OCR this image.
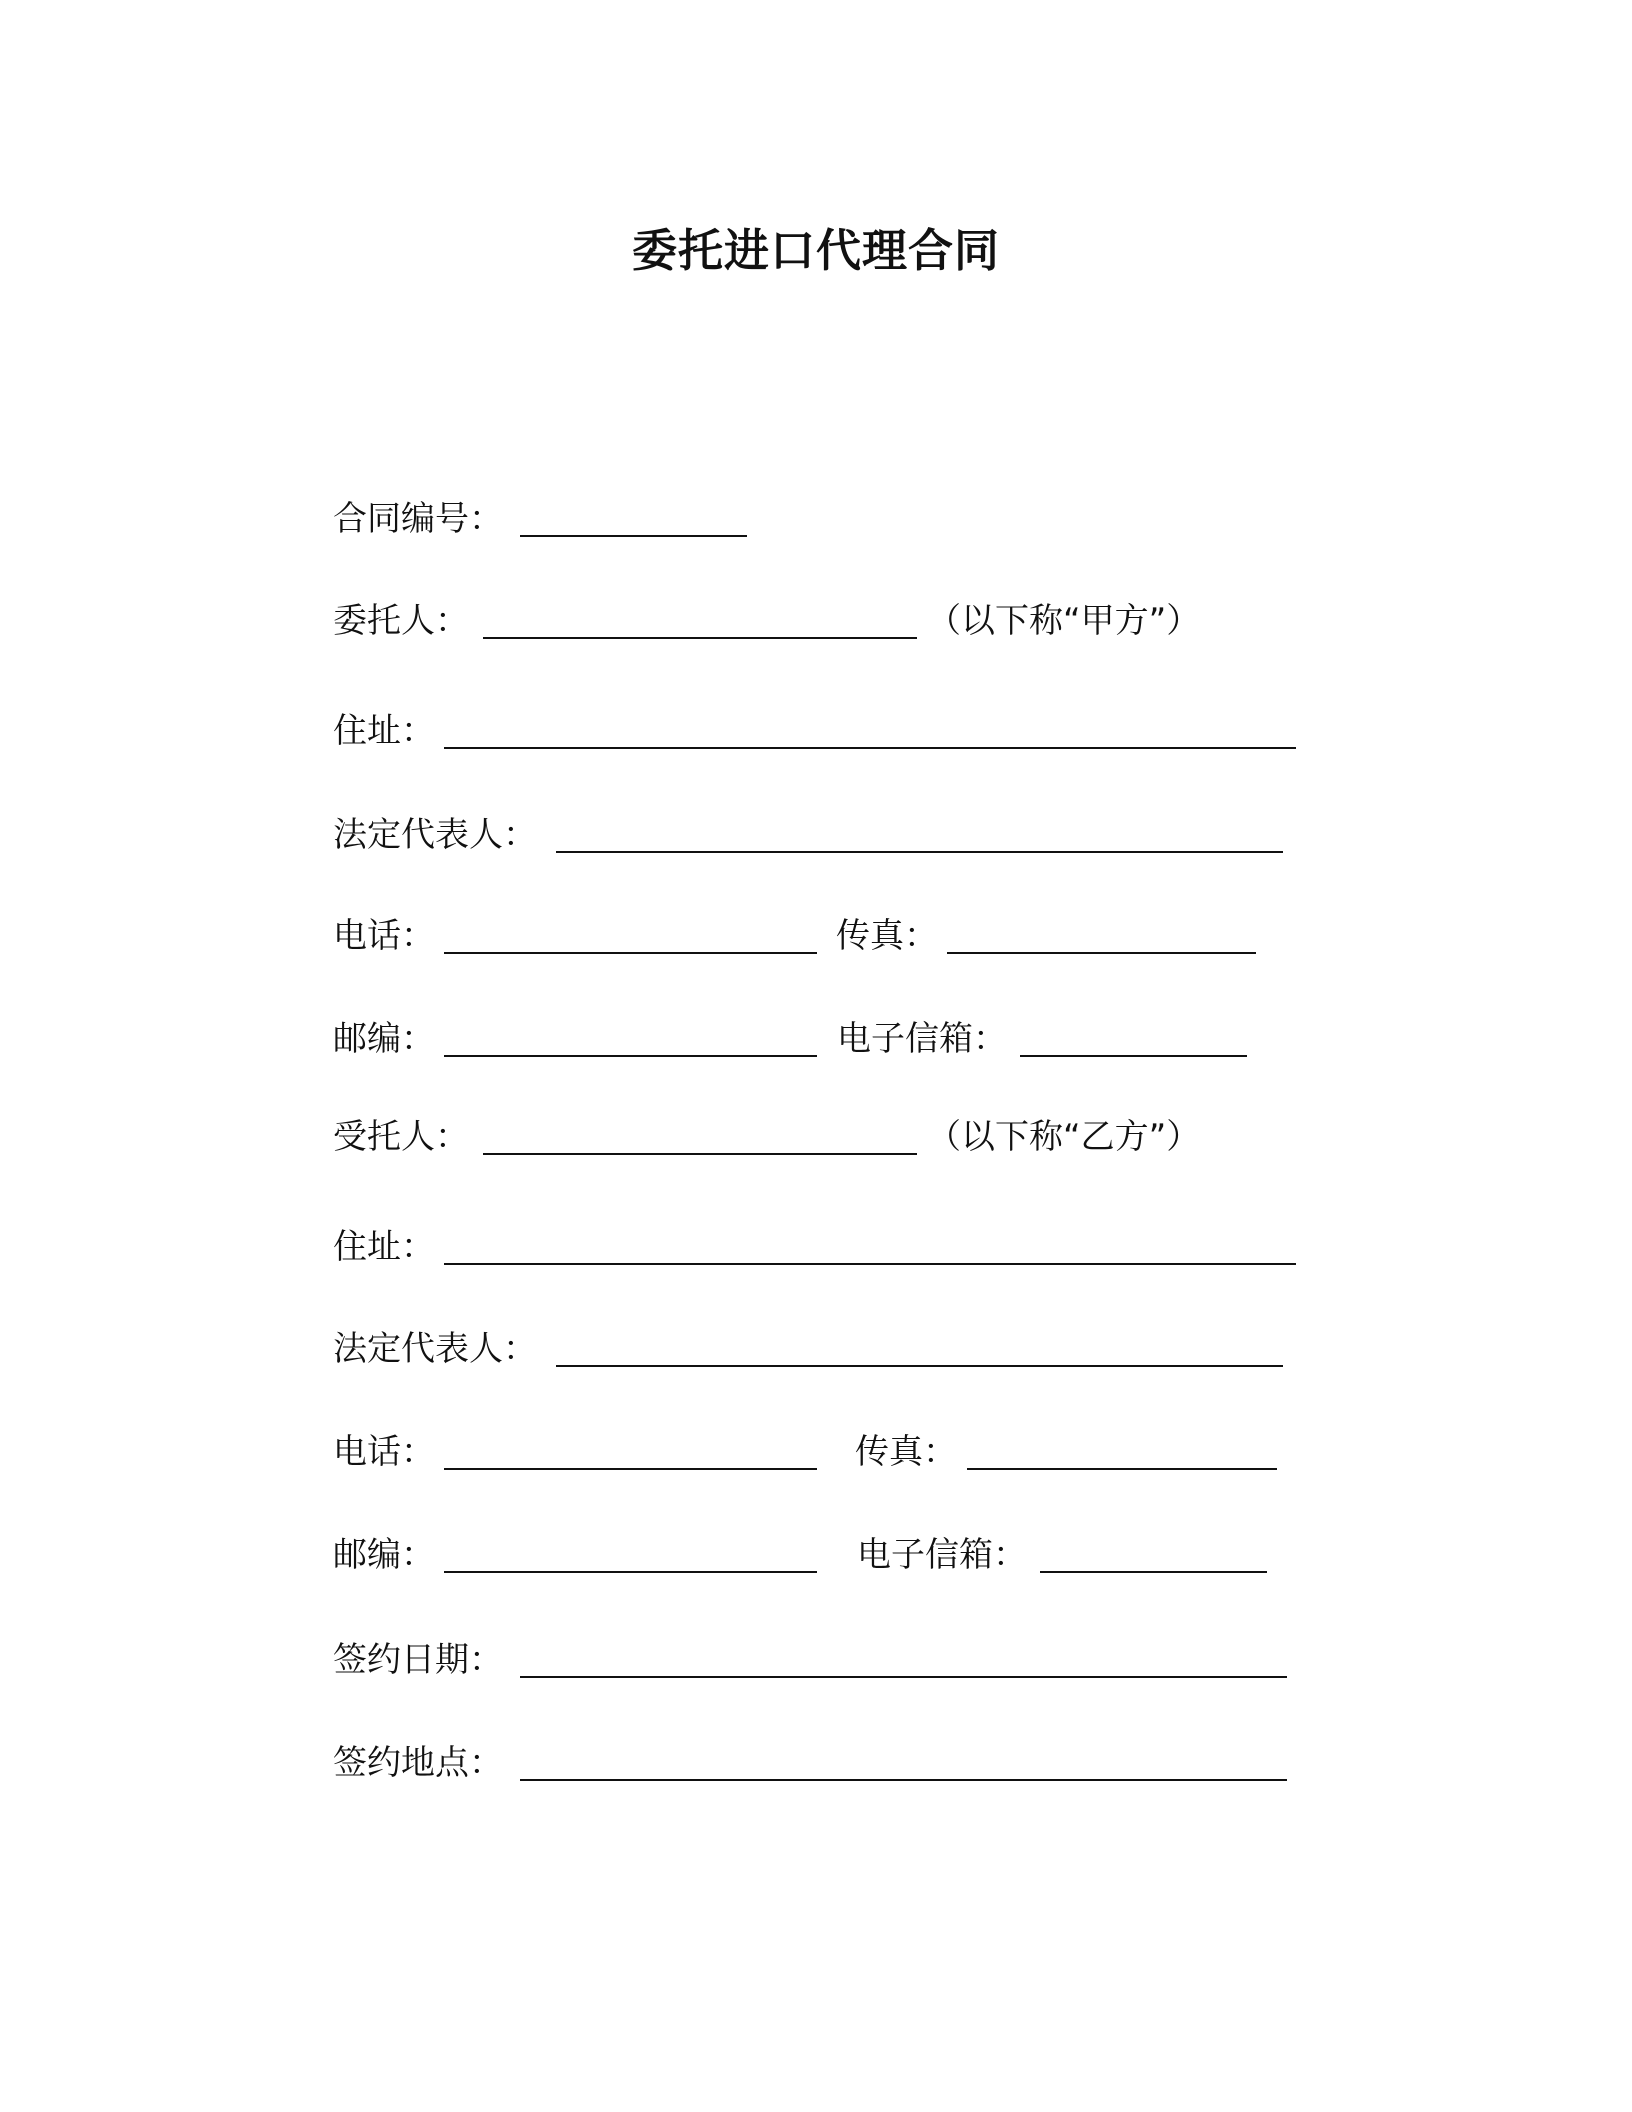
委托进口代理合同
合同编号：
委托人：	（以下称“甲方”）
住址：
法定代表人：
电话：	传真：
邮编：	电子信箱：
受托人：	（以下称“乙方”）
住址：
法定代表人：
电话：	传真：
邮编：	电子信箱：
签约日期：
签约地点：
